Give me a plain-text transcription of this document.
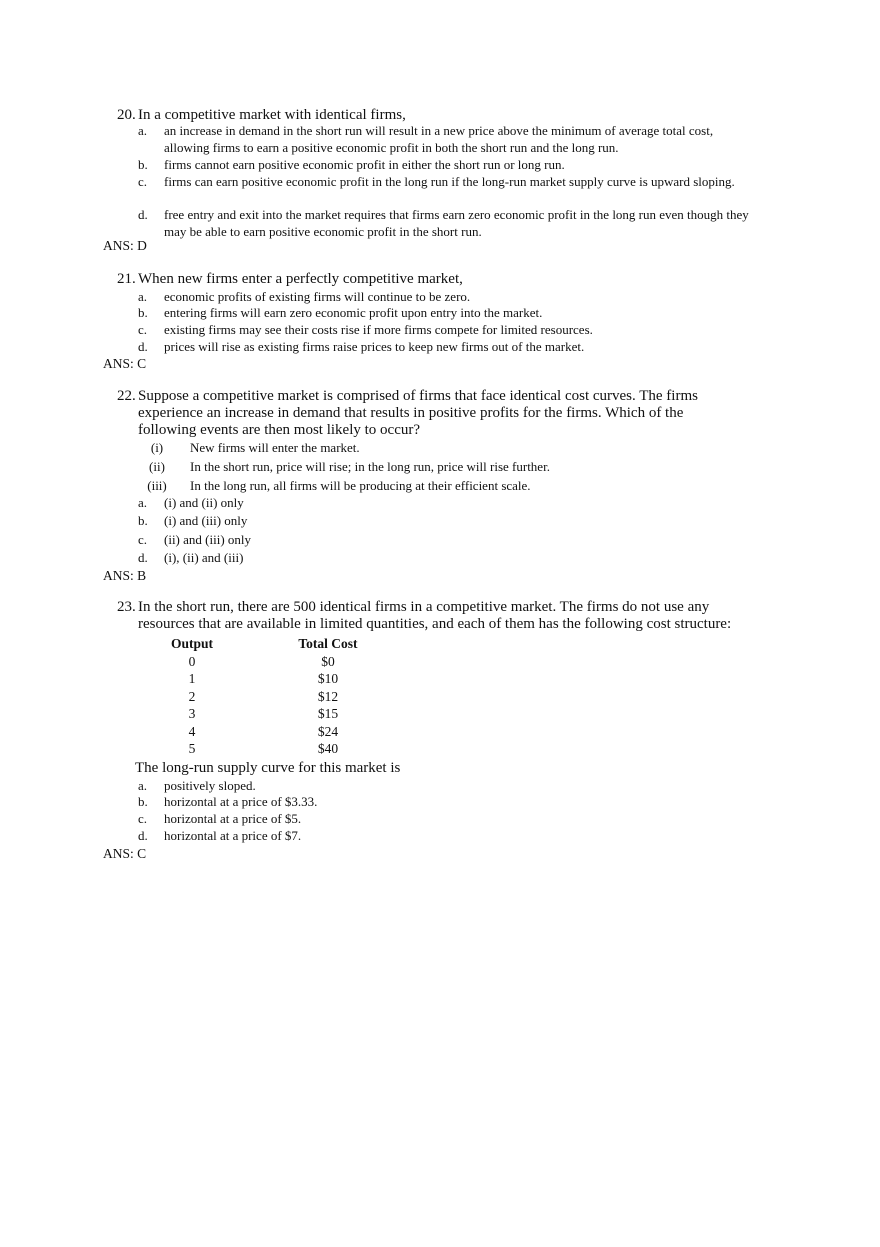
20. In a competitive market with identical firms,
a. an increase in demand in the short run will result in a new price above the minimum of average total cost, allowing firms to earn a positive economic profit in both the short run and the long run.
b. firms cannot earn positive economic profit in either the short run or long run.
c. firms can earn positive economic profit in the long run if the long-run market supply curve is upward sloping.
d. free entry and exit into the market requires that firms earn zero economic profit in the long run even though they may be able to earn positive economic profit in the short run.
ANS: D
21. When new firms enter a perfectly competitive market,
a. economic profits of existing firms will continue to be zero.
b. entering firms will earn zero economic profit upon entry into the market.
c. existing firms may see their costs rise if more firms compete for limited resources.
d. prices will rise as existing firms raise prices to keep new firms out of the market.
ANS: C
22. Suppose a competitive market is comprised of firms that face identical cost curves. The firms
experience an increase in demand that results in positive profits for the firms. Which of the
following events are then most likely to occur?
(i)	New firms will enter the market.
(ii)	In the short run, price will rise; in the long run, price will rise further.
(iii)	In the long run, all firms will be producing at their efficient scale.
a. (i) and (ii) only
b. (i) and (iii) only
c. (ii) and (iii) only
d. (i), (ii) and (iii)
ANS: B
23. In the short run, there are 500 identical firms in a competitive market. The firms do not use any
resources that are available in limited quantities, and each of them has the following cost structure:
Output	Total Cost
0	$0
1	$10
2	$12
3	$15
4	$24
5	$40
The long-run supply curve for this market is
a. positively sloped.
b. horizontal at a price of $3.33.
c. horizontal at a price of $5.
d. horizontal at a price of $7.
ANS: C
